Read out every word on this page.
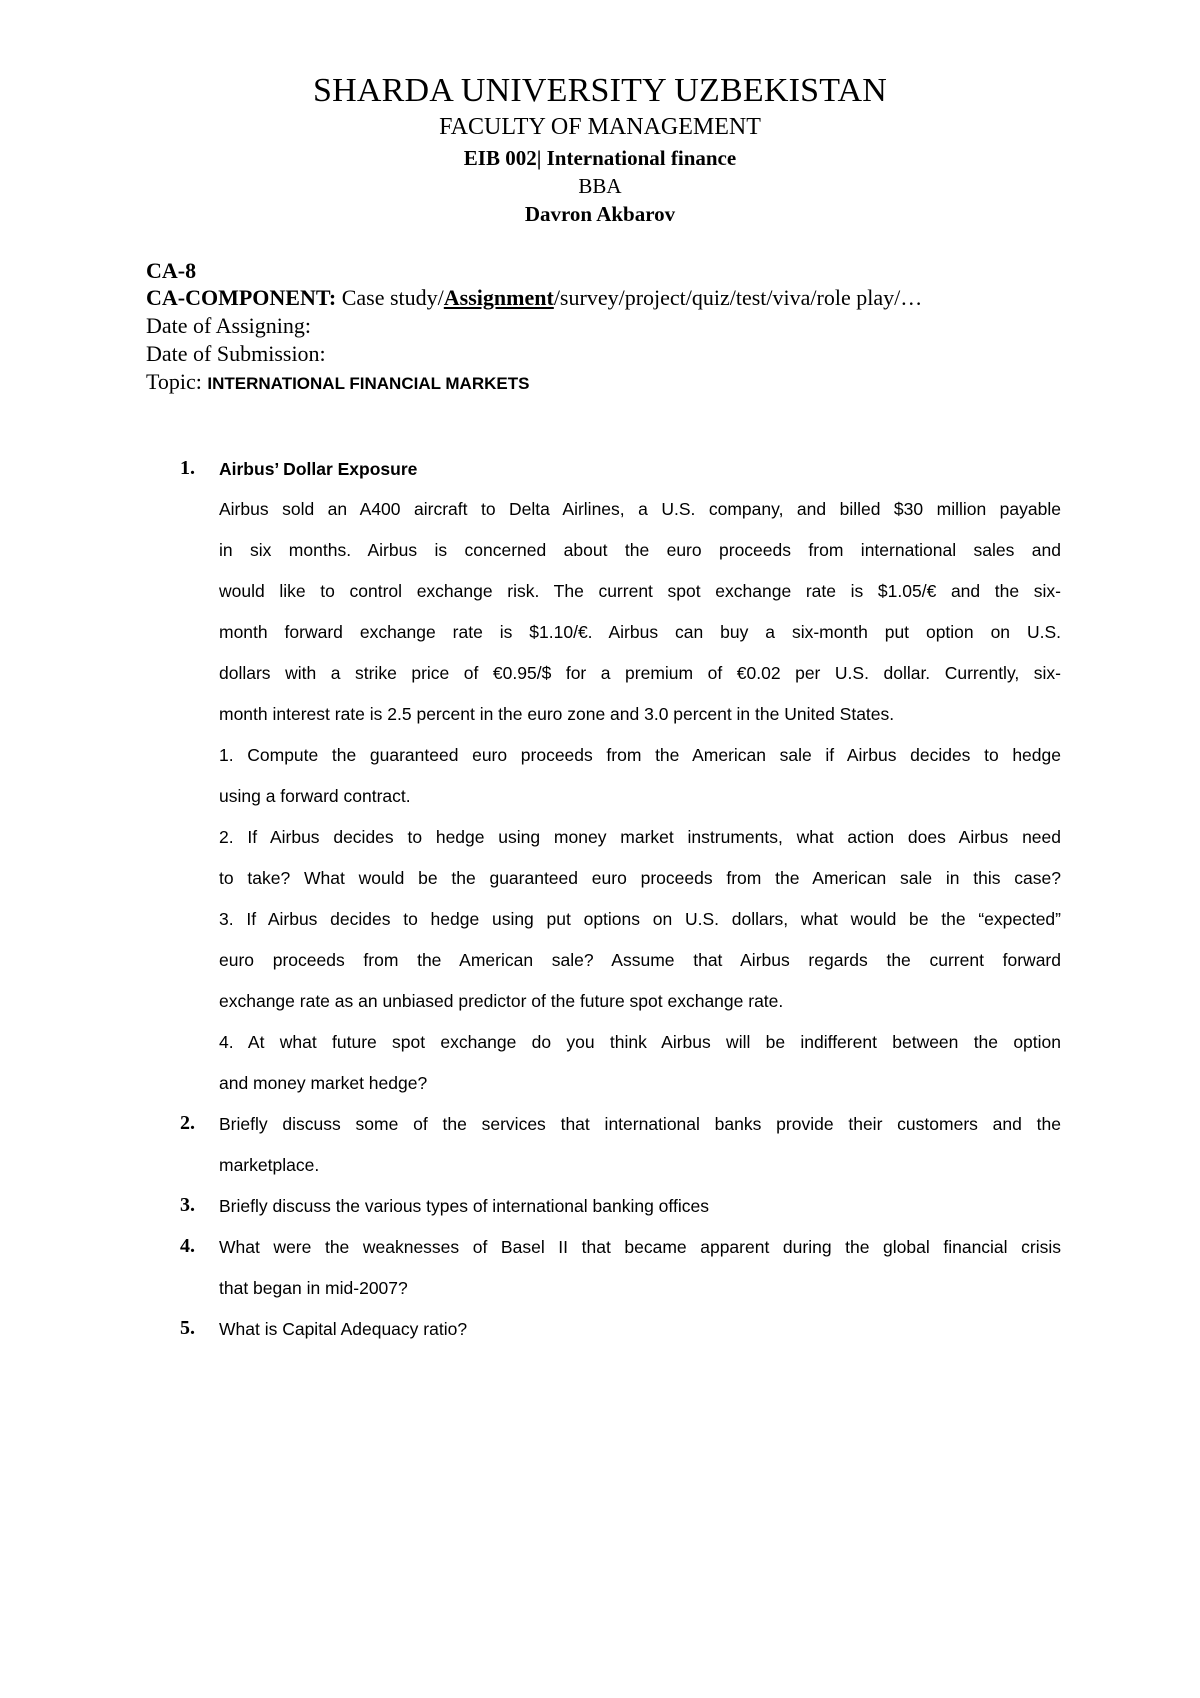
SHARDA UNIVERSITY UZBEKISTAN
FACULTY OF MANAGEMENT
EIB 002| International finance
BBA
Davron Akbarov
CA-8
CA-COMPONENT: Case study/Assignment/survey/project/quiz/test/viva/role play/…
Date of Assigning:
Date of Submission:
Topic: INTERNATIONAL FINANCIAL MARKETS
1. Airbus’ Dollar Exposure
Airbus sold an A400 aircraft to Delta Airlines, a U.S. company, and billed $30 million payable
in six months. Airbus is concerned about the euro proceeds from international sales and
would like to control exchange risk. The current spot exchange rate is $1.05/€ and the six-
month forward exchange rate is $1.10/€. Airbus can buy a six-month put option on U.S.
dollars with a strike price of €0.95/$ for a premium of €0.02 per U.S. dollar. Currently, six-
month interest rate is 2.5 percent in the euro zone and 3.0 percent in the United States.
1. Compute the guaranteed euro proceeds from the American sale if Airbus decides to hedge
using a forward contract.
2. If Airbus decides to hedge using money market instruments, what action does Airbus need
to take? What would be the guaranteed euro proceeds from the American sale in this case?
3. If Airbus decides to hedge using put options on U.S. dollars, what would be the “expected”
euro proceeds from the American sale? Assume that Airbus regards the current forward
exchange rate as an unbiased predictor of the future spot exchange rate.
4. At what future spot exchange do you think Airbus will be indifferent between the option
and money market hedge?
2. Briefly discuss some of the services that international banks provide their customers and the
marketplace.
3. Briefly discuss the various types of international banking offices
4. What were the weaknesses of Basel II that became apparent during the global financial crisis
that began in mid-2007?
5. What is Capital Adequacy ratio?
